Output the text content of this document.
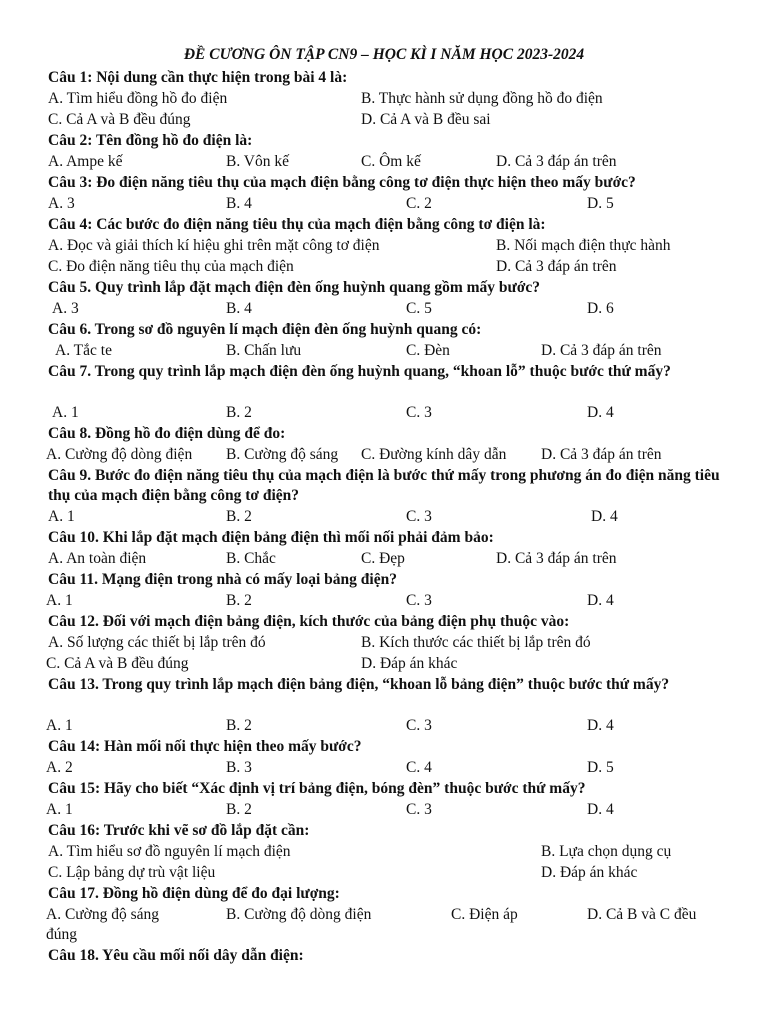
ĐỀ CƯƠNG ÔN TẬP CN9 – HỌC KÌ I NĂM HỌC 2023-2024
Câu 1: Nội dung cần thực hiện trong bài 4 là:
A. Tìm hiểu đồng hồ đo điện	B. Thực hành sử dụng đồng hồ đo điện
C. Cả A và B đều đúng	D. Cả A và B đều sai
Câu 2: Tên đồng hồ đo điện là:
A. Ampe kế	B. Vôn kế	C. Ôm kế	D. Cả 3 đáp án trên
Câu 3: Đo điện năng tiêu thụ của mạch điện bằng công tơ điện thực hiện theo mấy bước?
A. 3	B. 4	C. 2	D. 5
Câu 4: Các bước đo điện năng tiêu thụ của mạch điện bằng công tơ điện là:
A. Đọc và giải thích kí hiệu ghi trên mặt công tơ điện	B. Nối mạch điện thực hành
C. Đo điện năng tiêu thụ của mạch điện	D. Cả 3 đáp án trên
Câu 5. Quy trình lắp đặt mạch điện đèn ống huỳnh quang gồm mấy bước?
A. 3	B. 4	C. 5	D. 6
Câu 6. Trong sơ đồ nguyên lí mạch điện đèn ống huỳnh quang có:
A. Tắc te	B. Chấn lưu	C. Đèn	D. Cả 3 đáp án trên
Câu 7. Trong quy trình lắp mạch điện đèn ống huỳnh quang, “khoan lỗ” thuộc bước thứ mấy?
A. 1	B. 2	C. 3	D. 4
Câu 8. Đồng hồ đo điện dùng để đo:
A. Cường độ dòng điện B. Cường độ sáng C. Đường kính dây dẫn D. Cả 3 đáp án trên
Câu 9. Bước đo điện năng tiêu thụ của mạch điện là bước thứ mấy trong phương án đo điện năng tiêu thụ của mạch điện bằng công tơ điện?
A. 1	B. 2	C. 3	D. 4
Câu 10. Khi lắp đặt mạch điện bảng điện thì mối nối phải đảm bảo:
A. An toàn điện	B. Chắc	C. Đẹp	D. Cả 3 đáp án trên
Câu 11. Mạng điện trong nhà có mấy loại bảng điện?
A. 1	B. 2	C. 3	D. 4
Câu 12. Đối với mạch điện bảng điện, kích thước của bảng điện phụ thuộc vào:
A. Số lượng các thiết bị lắp trên đó	B. Kích thước các thiết bị lắp trên đó
C. Cả A và B đều đúng	D. Đáp án khác
Câu 13. Trong quy trình lắp mạch điện bảng điện, “khoan lỗ bảng điện” thuộc bước thứ mấy?
A. 1	B. 2	C. 3	D. 4
Câu 14: Hàn mối nối thực hiện theo mấy bước?
A. 2	B. 3	C. 4	D. 5
Câu 15: Hãy cho biết “Xác định vị trí bảng điện, bóng đèn” thuộc bước thứ mấy?
A. 1	B. 2	C. 3	D. 4
Câu 16: Trước khi vẽ sơ đồ lắp đặt cần:
A. Tìm hiểu sơ đồ nguyên lí mạch điện	B. Lựa chọn dụng cụ
C. Lập bảng dự trù vật liệu	D. Đáp án khác
Câu 17. Đồng hồ điện dùng để đo đại lượng:
A. Cường độ sáng	B. Cường độ dòng điện	C. Điện áp	D. Cả B và C đều đúng
Câu 18. Yêu cầu mối nối dây dẫn điện:
